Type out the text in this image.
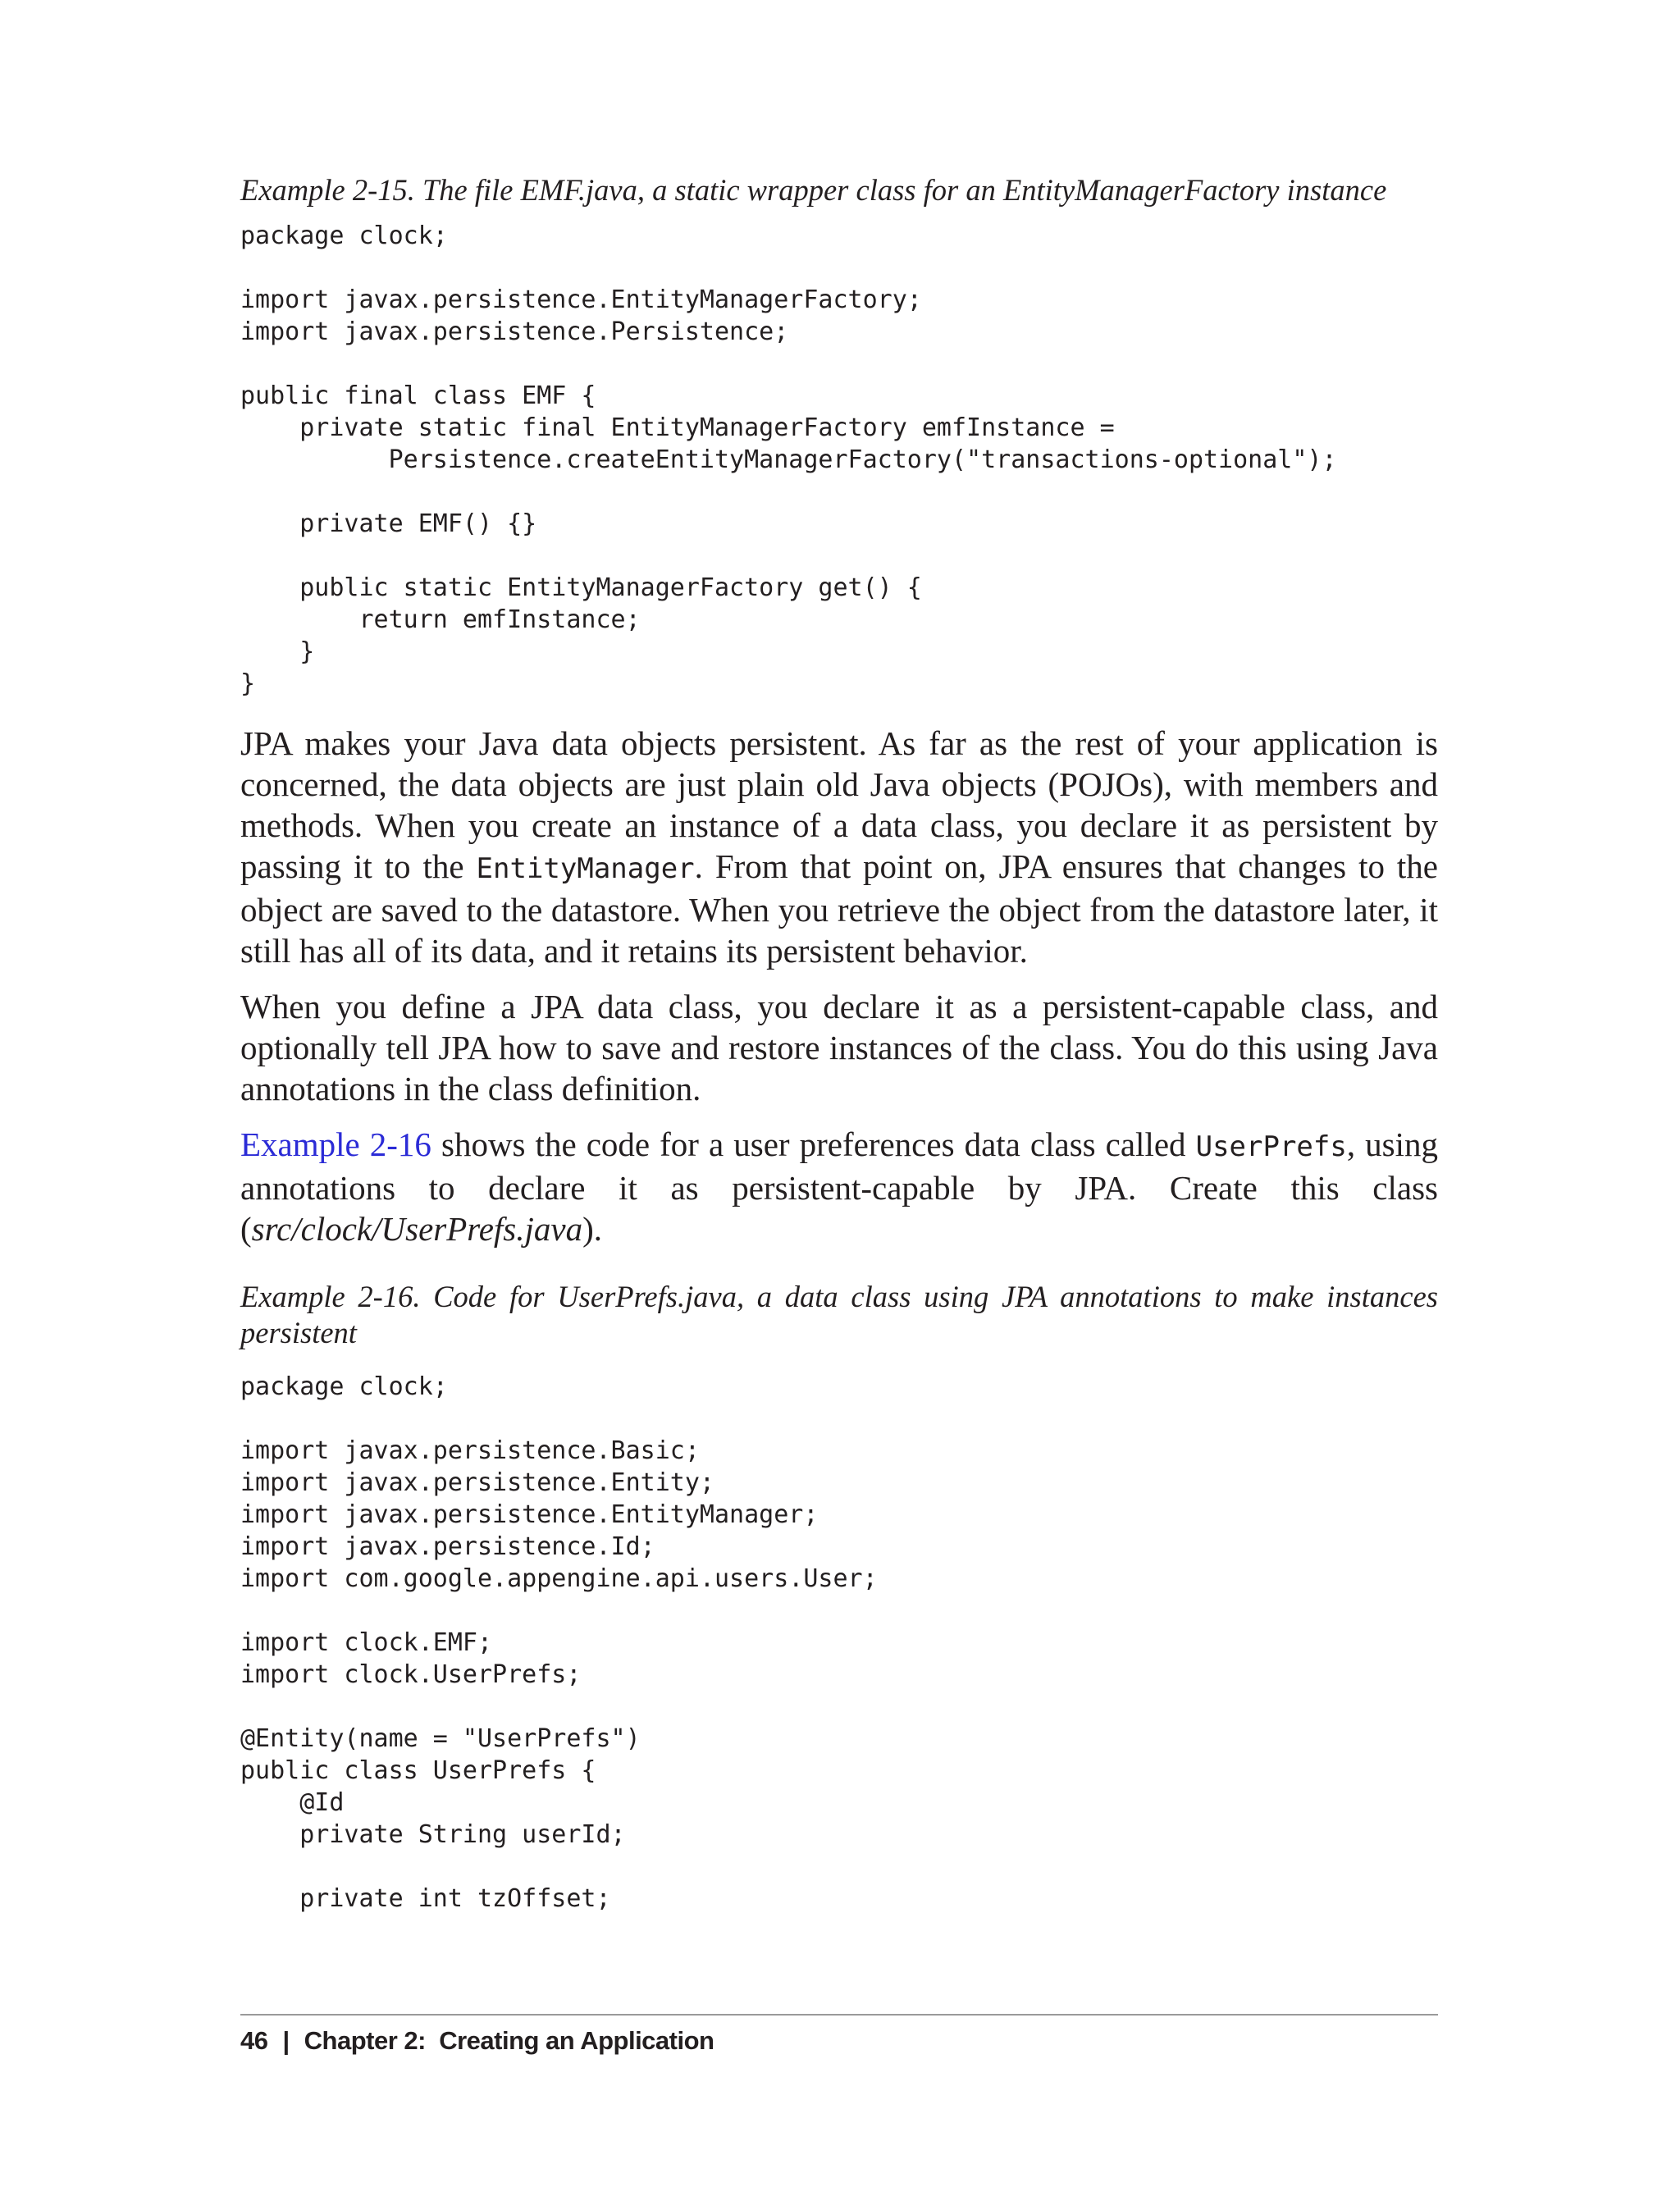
Example 2-15. The file EMF.java, a static wrapper class for an EntityManagerFactory instance
package clock;

import javax.persistence.EntityManagerFactory;
import javax.persistence.Persistence;

public final class EMF {
private static final EntityManagerFactory emfInstance =
Persistence.createEntityManagerFactory("transactions-optional");

private EMF() {}

public static EntityManagerFactory get() {
return emfInstance;
}
}

JPA makes your Java data objects persistent. As far as the rest of your application is concerned, the data objects are just plain old Java objects (POJOs), with members and methods. When you create an instance of a data class, you declare it as persistent by passing it to the EntityManager. From that point on, JPA ensures that changes to the object are saved to the datastore. When you retrieve the object from the datastore later, it still has all of its data, and it retains its persistent behavior.

When you define a JPA data class, you declare it as a persistent-capable class, and optionally tell JPA how to save and restore instances of the class. You do this using Java annotations in the class definition.

Example 2-16 shows the code for a user preferences data class called UserPrefs, using annotations to declare it as persistent-capable by JPA. Create this class (src/clock/UserPrefs.java).

Example 2-16. Code for UserPrefs.java, a data class using JPA annotations to make instances persistent
package clock;

import javax.persistence.Basic;
import javax.persistence.Entity;
import javax.persistence.EntityManager;
import javax.persistence.Id;
import com.google.appengine.api.users.User;

import clock.EMF;
import clock.UserPrefs;

@Entity(name = "UserPrefs")
public class UserPrefs {
@Id
private String userId;

private int tzOffset;
46 | Chapter 2:  Creating an Application
